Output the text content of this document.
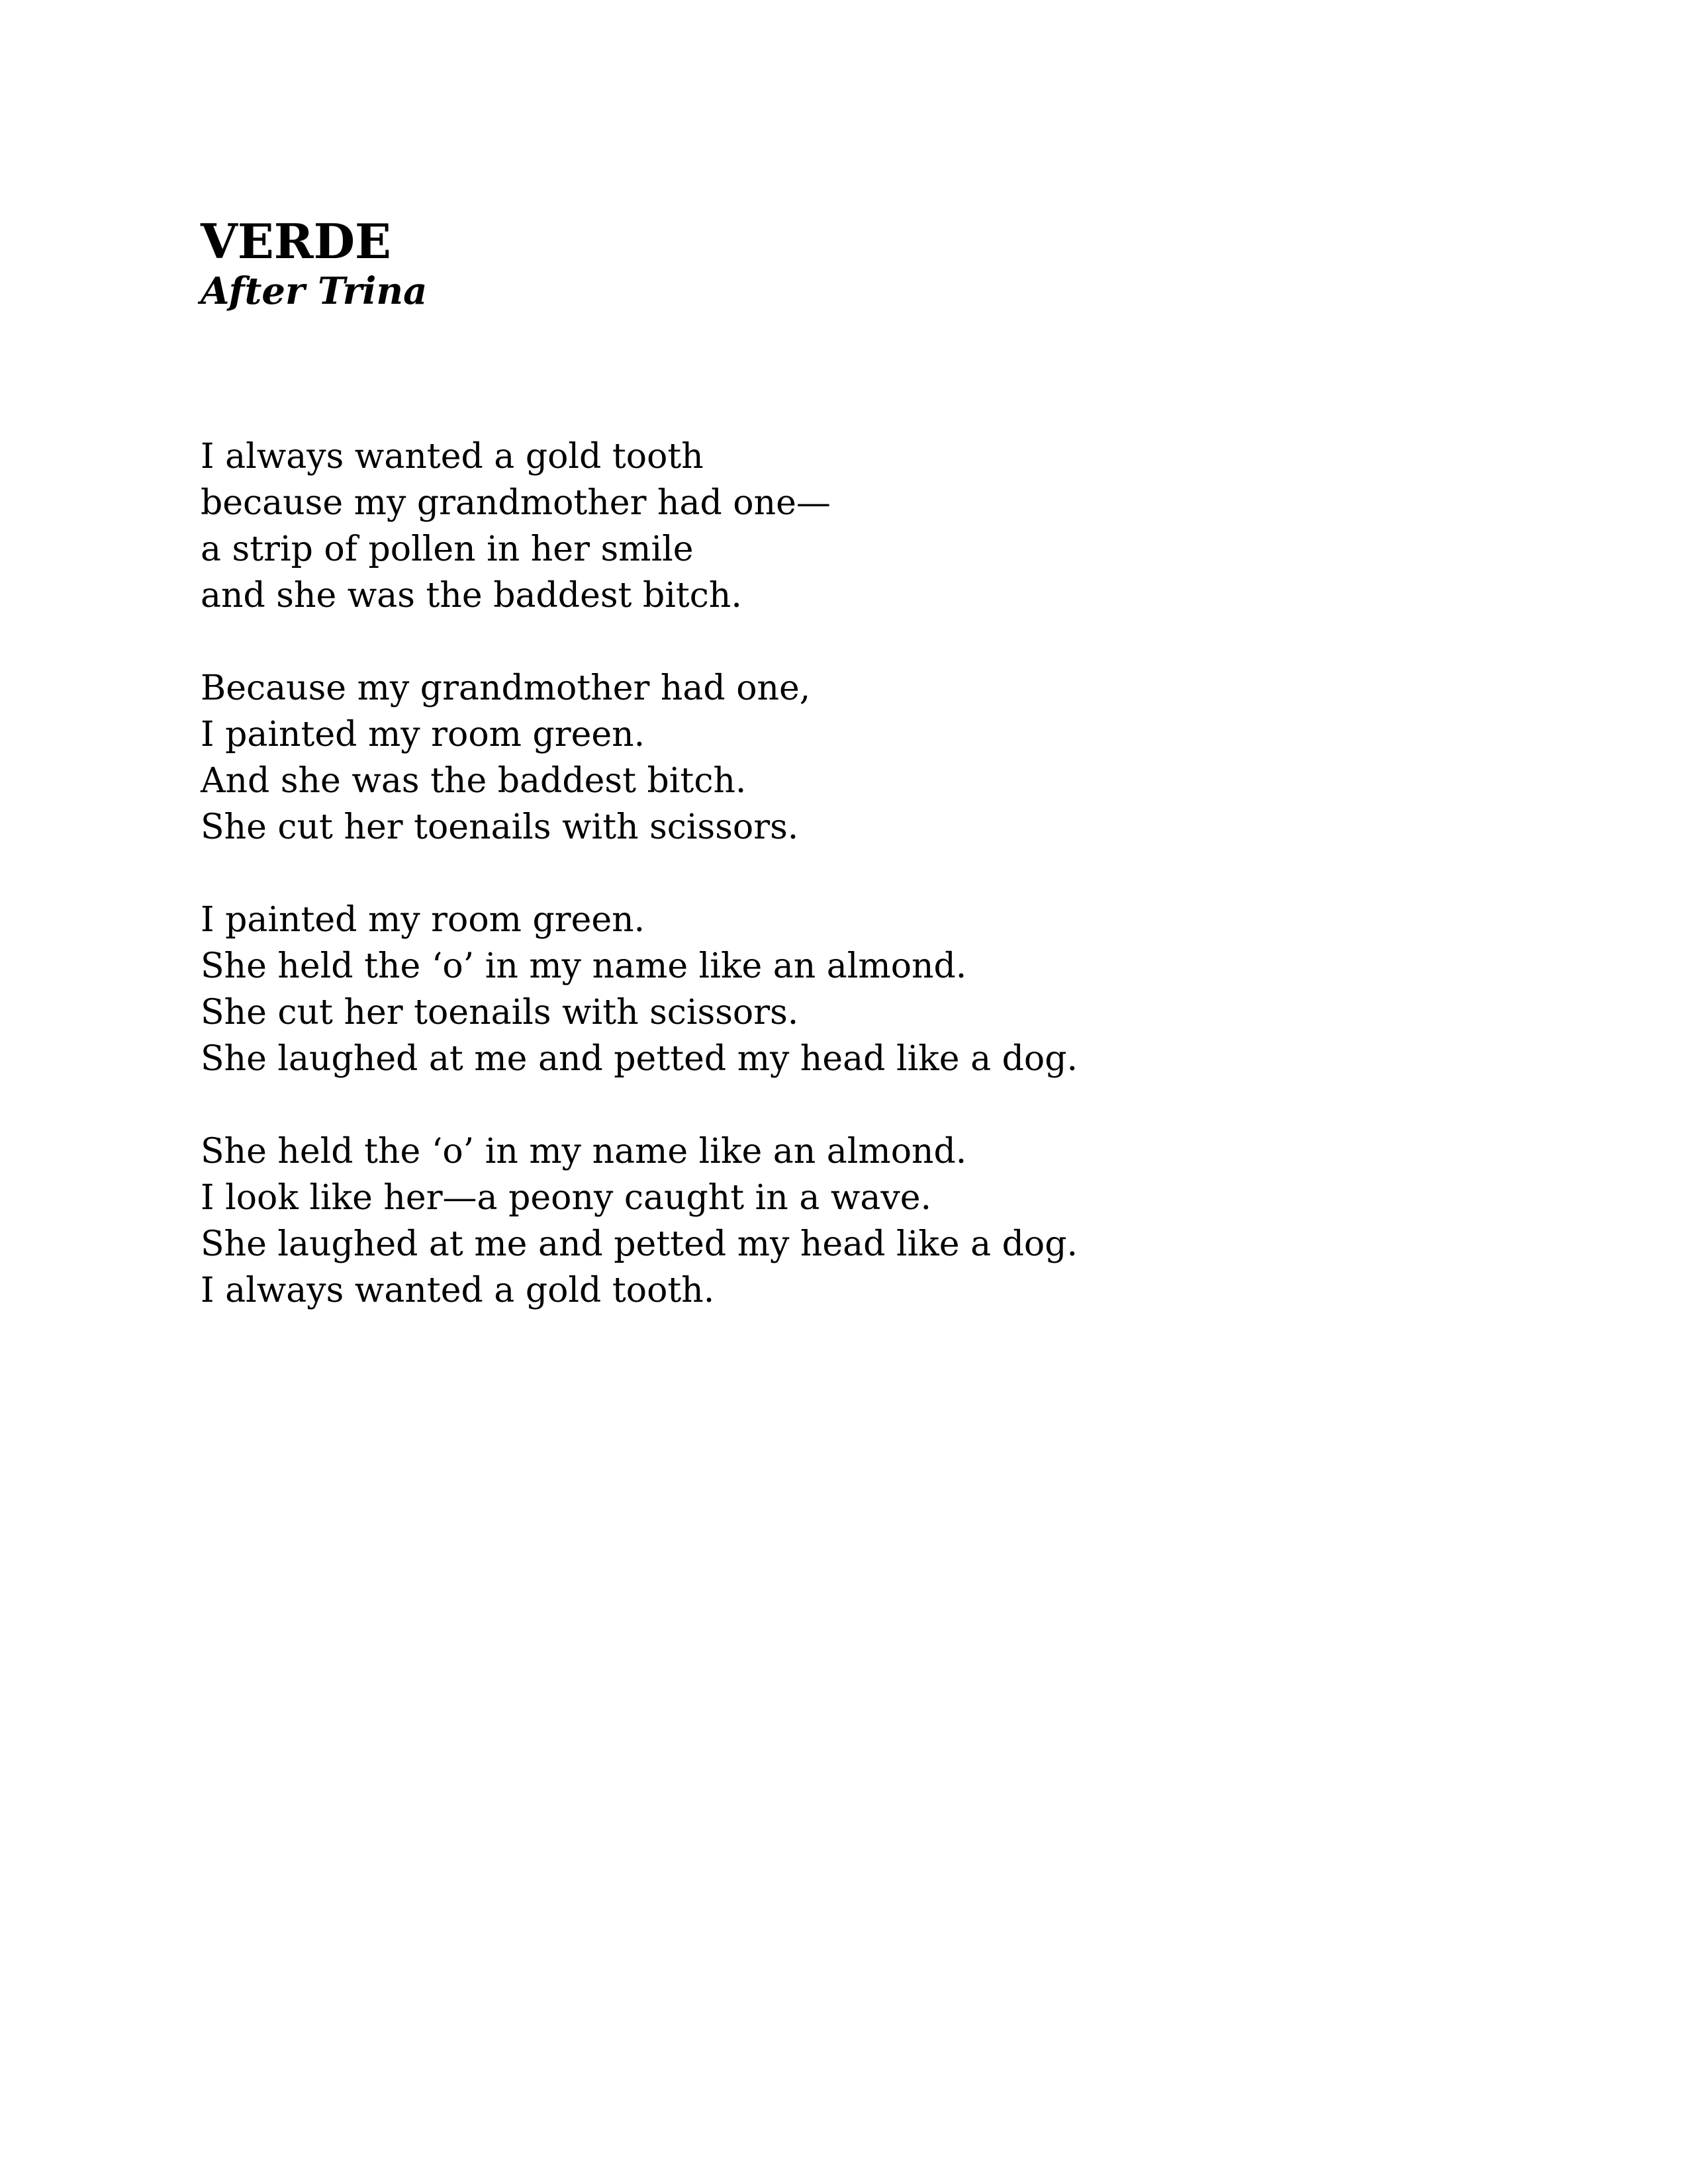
VERDE

After Trina

I always wanted a gold tooth
because my grandmother had one—
a strip of pollen in her smile
and she was the baddest bitch.
Because my grandmother had one,
I painted my room green.
And she was the baddest bitch.
She cut her toenails with scissors.
I painted my room green.
She held the ‘o’ in my name like an almond.
She cut her toenails with scissors.
She laughed at me and petted my head like a dog.
She held the ‘o’ in my name like an almond.
I look like her—a peony caught in a wave.
She laughed at me and petted my head like a dog.
I always wanted a gold tooth.
